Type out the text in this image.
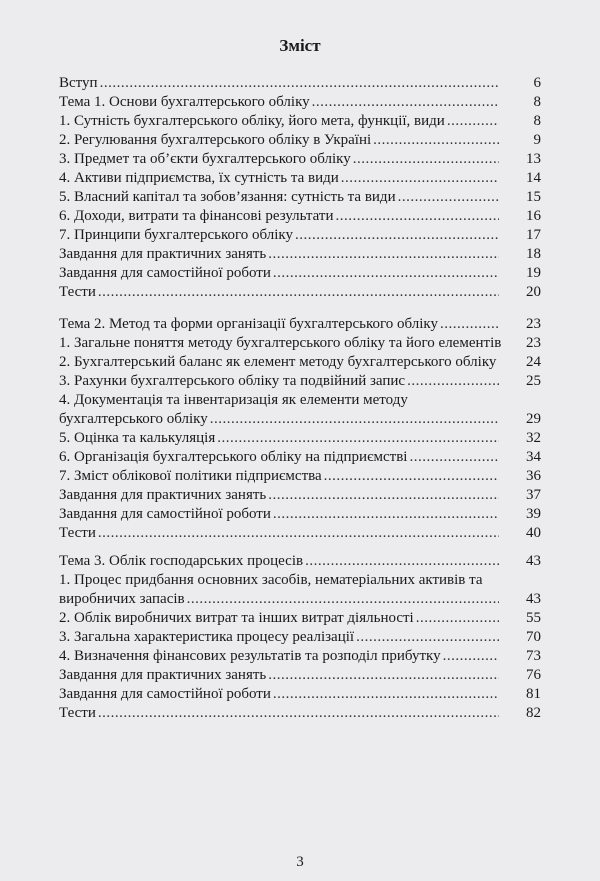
Зміст
Вступ .....	6
Тема 1. Основи бухгалтерського обліку .....	8
1. Сутність бухгалтерського обліку, його мета, функції, види .....	8
2. Регулювання бухгалтерського обліку в Україні .....	9
3. Предмет та об’єкти бухгалтерського обліку .....	13
4. Активи підприємства, їх сутність та види .....	14
5. Власний капітал та зобов’язання: сутність та види .....	15
6. Доходи, витрати та фінансові результати .....	16
7. Принципи бухгалтерського обліку .....	17
Завдання для практичних занять .....	18
Завдання для самостійної роботи .....	19
Тести .....	20
Тема 2. Метод та форми організації бухгалтерського обліку .....	23
1. Загальне поняття методу бухгалтерського обліку та його елементів	23
2. Бухгалтерський баланс як елемент методу бухгалтерського обліку .....	24
3. Рахунки бухгалтерського обліку та подвійний запис .....	25
4. Документація та інвентаризація як елементи методу
бухгалтерського обліку .....	29
5. Оцінка та калькуляція .....	32
6. Організація бухгалтерського обліку на підприємстві .....	34
7. Зміст облікової політики підприємства .....	36
Завдання для практичних занять .....	37
Завдання для самостійної роботи .....	39
Тести .....	40
Тема 3. Облік господарських процесів .....	43
1. Процес придбання основних засобів, нематеріальних активів та
виробничих запасів .....	43
2. Облік виробничих витрат та інших витрат діяльності .....	55
3. Загальна характеристика процесу реалізації .....	70
4. Визначення фінансових результатів та розподіл прибутку .....	73
Завдання для практичних занять .....	76
Завдання для самостійної роботи .....	81
Тести .....	82
3
